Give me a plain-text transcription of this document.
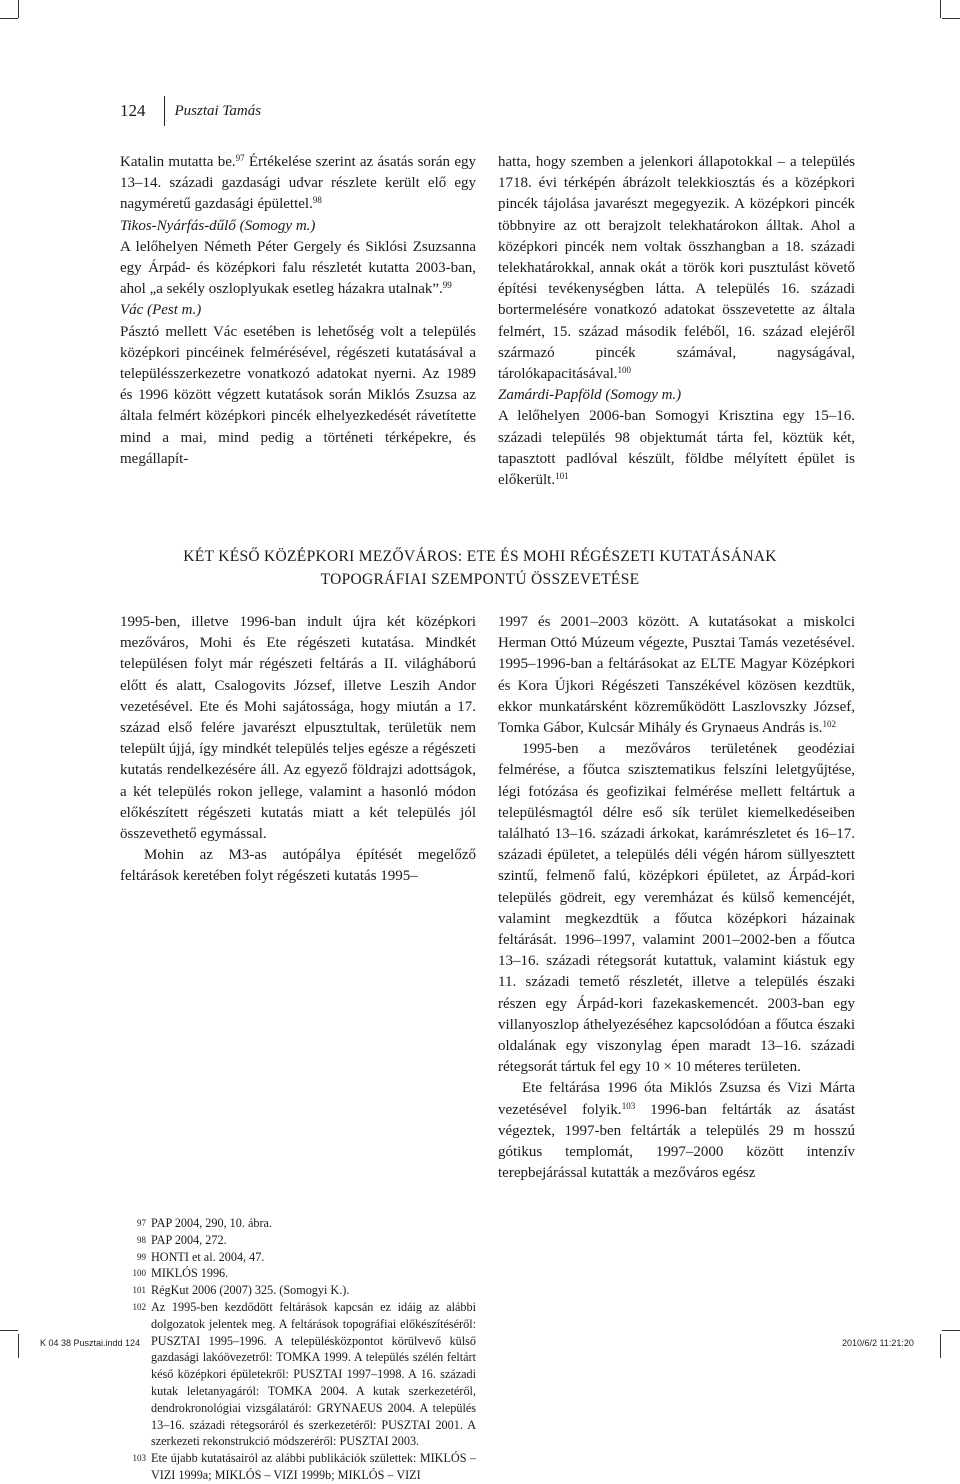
124	Pusztai Tamás

Katalin mutatta be.$^{97}$ Értékelése szerint az ásatás során egy 13–14. századi gazdasági udvar részlete került elő egy nagyméretű gazdasági épülettel.$^{98}$

Tikos-Nyárfás-dűlő (Somogy m.)

A lelőhelyen Németh Péter Gergely és Siklósi Zsuzsanna egy Árpád- és középkori falu részletét kutatta 2003-ban, ahol „a sekély oszloplyukak esetleg házakra utalnak”.$^{99}$

Vác (Pest m.)

Pásztó mellett Vác esetében is lehetőség volt a település középkori pincéinek felmérésével, régészeti kutatásával a településszerkezetre vonatkozó adatokat nyerni. Az 1989 és 1996 között végzett kutatások során Miklós Zsuzsa az általa felmért középkori pincék elhelyezkedését rávetítette mind a mai, mind pedig a történeti térképekre, és megállapít-

hatta, hogy szemben a jelenkori állapotokkal – a település 1718. évi térképén ábrázolt telekkiosztás és a középkori pincék tájolása javarészt megegyezik. A középkori pincék többnyire az ott berajzolt telekhatárokon álltak. Ahol a középkori pincék nem voltak összhangban a 18. századi telekhatárokkal, annak okát a török kori pusztulást követő építési tevékenységben látta. A település 16. századi bortermelésére vonatkozó adatokat összevetette az általa felmért, 15. század második feléből, 16. század elejéről származó pincék számával, nagyságával, tárolókapacitásával.$^{100}$

Zamárdi-Papföld (Somogy m.)

A lelőhelyen 2006-ban Somogyi Krisztina egy 15–16. századi település 98 objektumát tárta fel, köztük két, tapasztott padlóval készült, földbe mélyített épület is előkerült.$^{101}$

KÉT KÉSŐ KÖZÉPKORI MEZŐVÁROS: ETE ÉS MOHI RÉGÉSZETI KUTATÁSÁNAK
TOPOGRÁFIAI SZEMPONTÚ ÖSSZEVETÉSE

1995-ben, illetve 1996-ban indult újra két középkori mezőváros, Mohi és Ete régészeti kutatása. Mindkét településen folyt már régészeti feltárás a II. világháború előtt és alatt, Csalogovits József, illetve Leszih Andor vezetésével. Ete és Mohi sajátossága, hogy miután a 17. század első felére javarészt elpusztultak, területük nem települt újjá, így mindkét település teljes egésze a régészeti kutatás rendelkezésére áll. Az egyező földrajzi adottságok, a két település rokon jellege, valamint a hasonló módon előkészített régészeti kutatás miatt a két település jól összevethető egymással.

Mohin az M3-as autópálya építését megelőző feltárások keretében folyt régészeti kutatás 1995–

97 PAP 2004, 290, 10. ábra.
98 PAP 2004, 272.
99 HONTI et al. 2004, 47.
100 MIKLÓS 1996.
101 RégKut 2006 (2007) 325. (Somogyi K.).
102 Az 1995-ben kezdődött feltárások kapcsán ez idáig az alábbi dolgozatok jelentek meg. A feltárások topográfiai előkészítéséről: PUSZTAI 1995–1996. A településközpontot körülvevő külső gazdasági lakóövezetről: TOMKA 1999. A település szélén feltárt késő középkori épületekről: PUSZTAI 1997–1998. A 16. századi kutak leletanyagáról: TOMKA 2004. A kutak szerkezetéről, dendrokronológiai vizsgálatáról: GRYNAEUS 2004. A település 13–16. századi rétegsoráról és szerkezetéről: PUSZTAI 2001. A szerkezeti rekonstrukció módszeréről: PUSZTAI 2003.
103 Ete újabb kutatásairól az alábbi publikációk születtek: MIKLÓS – VIZI 1999a; MIKLÓS – VIZI 1999b; MIKLÓS – VIZI

1997 és 2001–2003 között. A kutatásokat a miskolci Herman Ottó Múzeum végezte, Pusztai Tamás vezetésével. 1995–1996-ban a feltárásokat az ELTE Magyar Középkori és Kora Újkori Régészeti Tanszékével közösen kezdtük, ekkor munkatársként közreműködött Laszlovszky József, Tomka Gábor, Kulcsár Mihály és Grynaeus András is.$^{102}$

1995-ben a mezőváros területének geodéziai felmérése, a főutca szisztematikus felszíni leletgyűjtése, légi fotózása és geofizikai felmérése mellett feltártuk a településmagtól délre eső sík terület kiemelkedéseiben található 13–16. századi árkokat, karámrészletet és 16–17. századi épületet, a település déli végén három süllyesztett szintű, felmenő falú, középkori épületet, az Árpád-kori település gödreit, egy veremházat és külső kemencéjét, valamint megkezdtük a főutca középkori házainak feltárását. 1996–1997, valamint 2001–2002-ben a főutca 13–16. századi rétegsorát kutattuk, valamint kiástuk egy 11. századi temető részletét, illetve a település északi részen egy Árpád-kori fazekaskemencét. 2003-ban egy villanyoszlop áthelyezéséhez kapcsolódóan a főutca északi oldalának egy viszonylag épen maradt 13–16. századi rétegsorát tártuk fel egy 10 × 10 méteres területen.

Ete feltárása 1996 óta Miklós Zsuzsa és Vizi Márta vezetésével folyik.$^{103}$ 1996-ban feltárták az ásatást végeztek, 1997-ben feltárták a település 29 m hosszú gótikus templomát, 1997–2000 között intenzív terepbejárással kutatták a mezőváros egész

K 04 38 Pusztai.indd 124	2010/6/2 11:21:20
